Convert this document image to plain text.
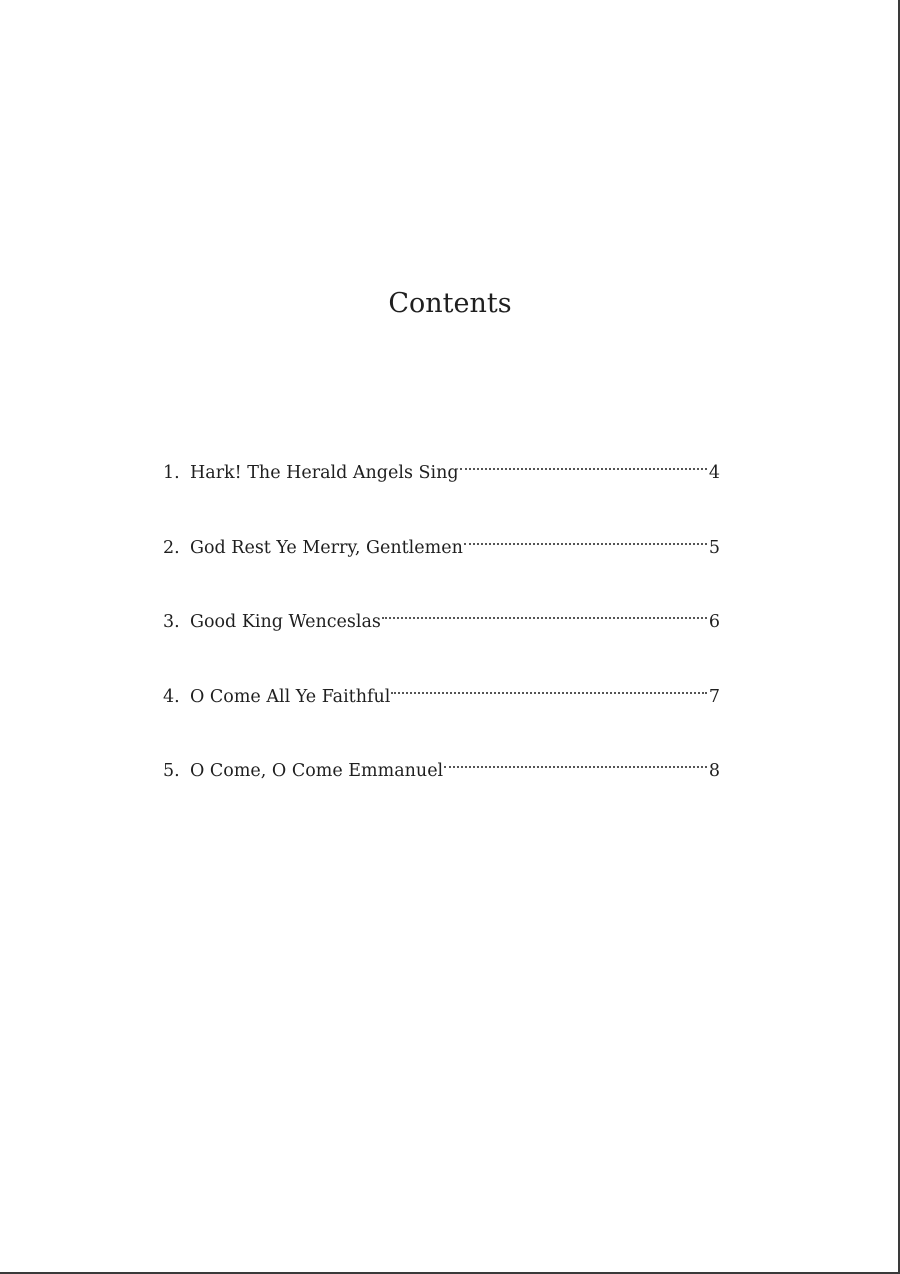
Contents
1. Hark! The Herald Angels Sing	4
2. God Rest Ye Merry, Gentlemen	5
3. Good King Wenceslas	6
4. O Come All Ye Faithful	7
5. O Come, O Come Emmanuel	8
